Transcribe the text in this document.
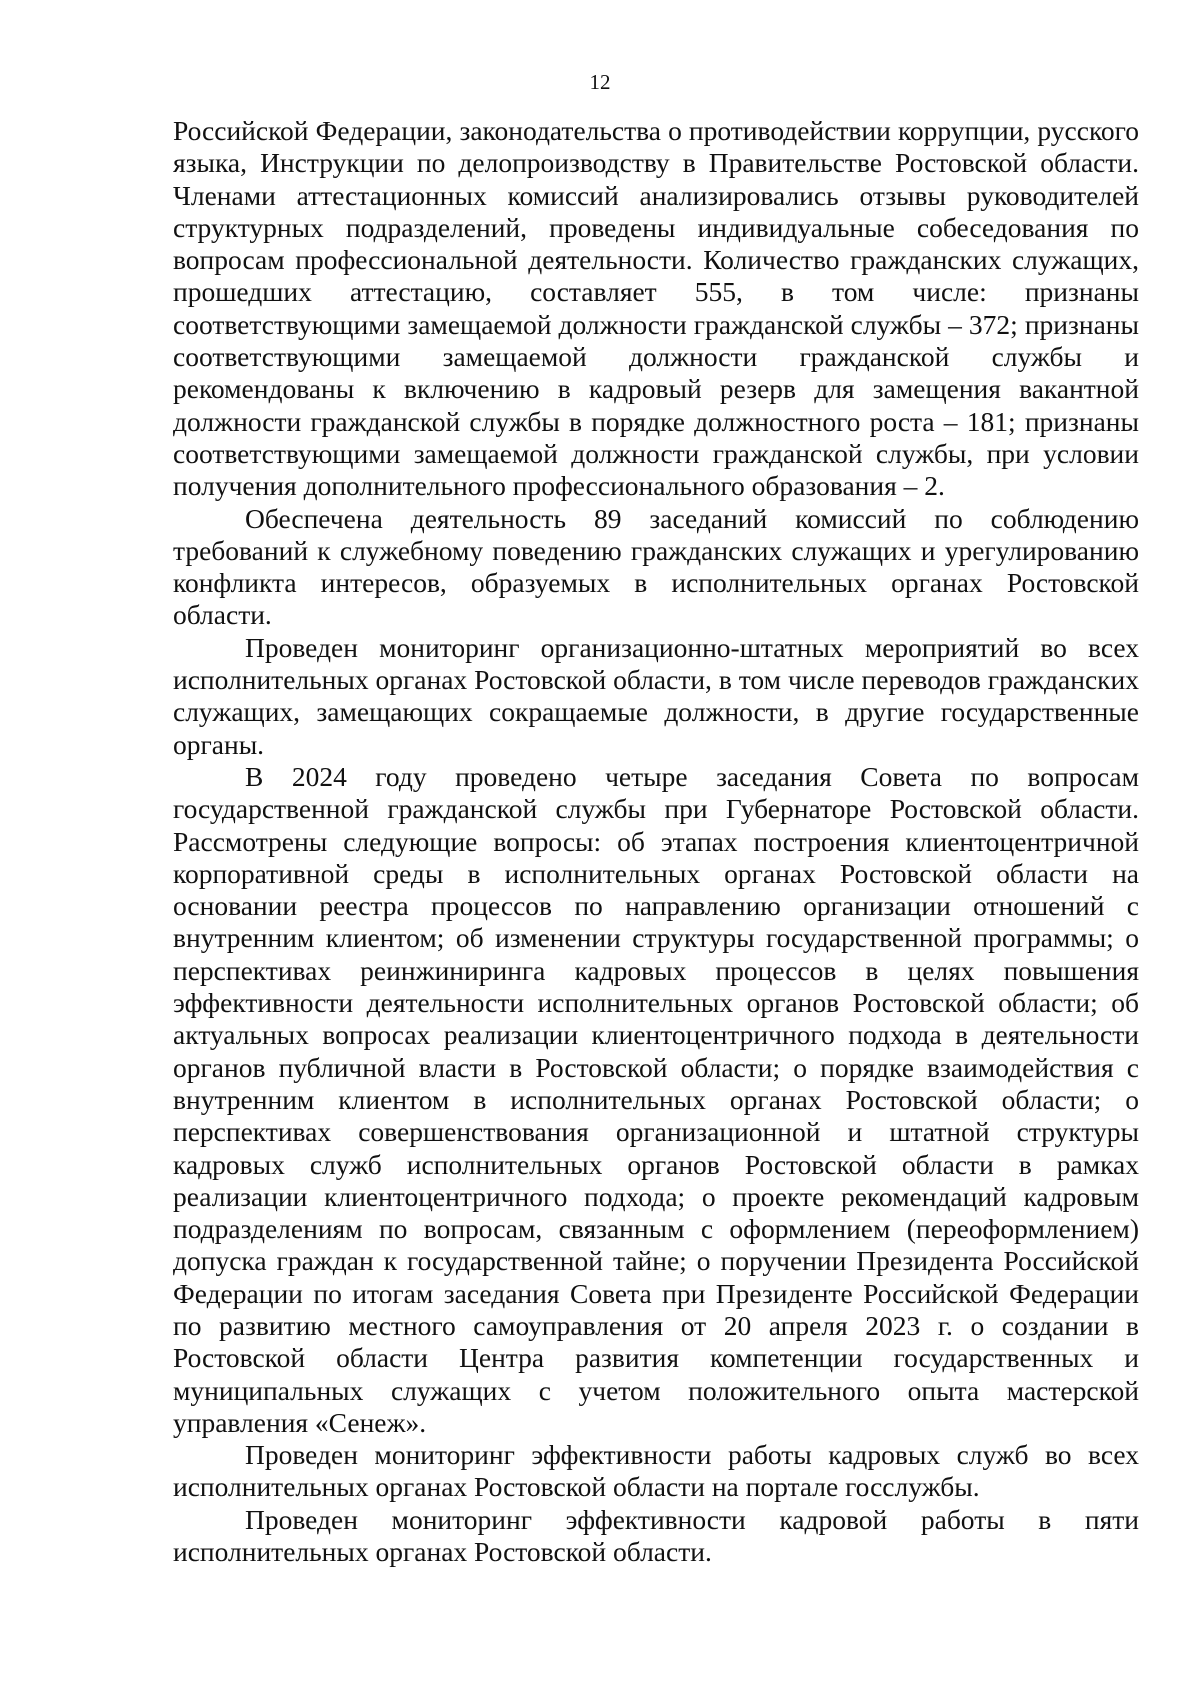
12

Российской Федерации, законодательства о противодействии коррупции, русского языка, Инструкции по делопроизводству в Правительстве Ростовской области. Членами аттестационных комиссий анализировались отзывы руководителей структурных подразделений, проведены индивидуальные собеседования по вопросам профессиональной деятельности. Количество гражданских служащих, прошедших аттестацию, составляет 555, в том числе: признаны соответствующими замещаемой должности гражданской службы – 372; признаны соответствующими замещаемой должности гражданской службы и рекомендованы к включению в кадровый резерв для замещения вакантной должности гражданской службы в порядке должностного роста – 181; признаны соответствующими замещаемой должности гражданской службы, при условии получения дополнительного профессионального образования – 2.

Обеспечена деятельность 89 заседаний комиссий по соблюдению требований к служебному поведению гражданских служащих и урегулированию конфликта интересов, образуемых в исполнительных органах Ростовской области.

Проведен мониторинг организационно-штатных мероприятий во всех исполнительных органах Ростовской области, в том числе переводов гражданских служащих, замещающих сокращаемые должности, в другие государственные органы.

В 2024 году проведено четыре заседания Совета по вопросам государственной гражданской службы при Губернаторе Ростовской области. Рассмотрены следующие вопросы: об этапах построения клиентоцентричной корпоративной среды в исполнительных органах Ростовской области на основании реестра процессов по направлению организации отношений с внутренним клиентом; об изменении структуры государственной программы; о перспективах реинжиниринга кадровых процессов в целях повышения эффективности деятельности исполнительных органов Ростовской области; об актуальных вопросах реализации клиентоцентричного подхода в деятельности органов публичной власти в Ростовской области; о порядке взаимодействия с внутренним клиентом в исполнительных органах Ростовской области; о перспективах совершенствования организационной и штатной структуры кадровых служб исполнительных органов Ростовской области в рамках реализации клиентоцентричного подхода; о проекте рекомендаций кадровым подразделениям по вопросам, связанным с оформлением (переоформлением) допуска граждан к государственной тайне; о поручении Президента Российской Федерации по итогам заседания Совета при Президенте Российской Федерации по развитию местного самоуправления от 20 апреля 2023 г. о создании в Ростовской области Центра развития компетенции государственных и муниципальных служащих с учетом положительного опыта мастерской управления «Сенеж».

Проведен мониторинг эффективности работы кадровых служб во всех исполнительных органах Ростовской области на портале госслужбы.

Проведен мониторинг эффективности кадровой работы в пяти исполнительных органах Ростовской области.
